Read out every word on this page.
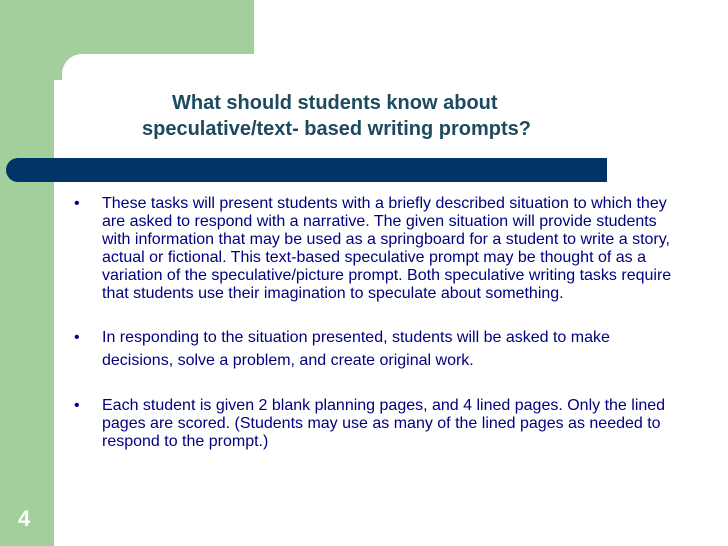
4
What should students know about
speculative/text- based writing prompts?
• These tasks will present students with a briefly described situation to which they are asked to respond with a narrative. The given situation will provide students with information that may be used as a springboard for a student to write a story, actual or fictional. This text-based speculative prompt may be thought of as a variation of the speculative/picture prompt. Both speculative writing tasks require that students use their imagination to speculate about something.
• In responding to the situation presented, students will be asked to make decisions, solve a problem, and create original work.
• Each student is given 2 blank planning pages, and 4 lined pages. Only the lined pages are scored. (Students may use as many of the lined pages as needed to respond to the prompt.)
